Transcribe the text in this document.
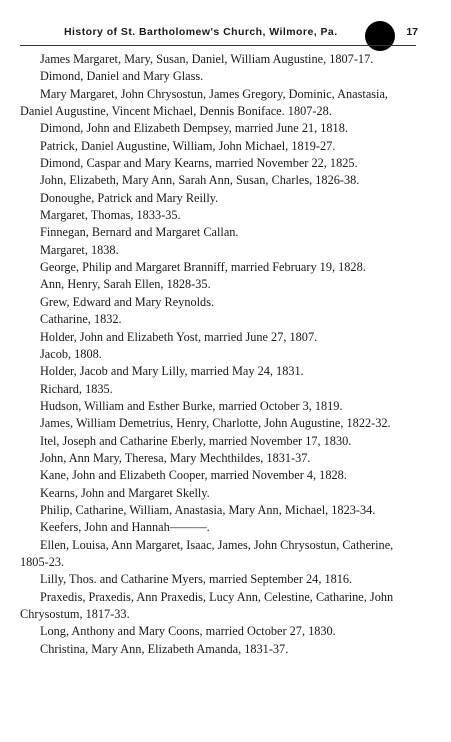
History of St. Bartholomew's Church, Wilmore, Pa.	17

James Margaret, Mary, Susan, Daniel, William Augustine, 1807-17.

Dimond, Daniel and Mary Glass.

Mary Margaret, John Chrysostun, James Gregory, Dominic, Anastasia, Daniel Augustine, Vincent Michael, Dennis Boniface. 1807-28.

Dimond, John and Elizabeth Dempsey, married June 21, 1818.

Patrick, Daniel Augustine, William, John Michael, 1819-27.

Dimond, Caspar and Mary Kearns, married November 22, 1825.

John, Elizabeth, Mary Ann, Sarah Ann, Susan, Charles, 1826-38.

Donoughe, Patrick and Mary Reilly.

Margaret, Thomas, 1833-35.

Finnegan, Bernard and Margaret Callan.

Margaret, 1838.

George, Philip and Margaret Branniff, married February 19, 1828.

Ann, Henry, Sarah Ellen, 1828-35.

Grew, Edward and Mary Reynolds.

Catharine, 1832.

Holder, John and Elizabeth Yost, married June 27, 1807.

Jacob, 1808.

Holder, Jacob and Mary Lilly, married May 24, 1831.

Richard, 1835.

Hudson, William and Esther Burke, married October 3, 1819.

James, William Demetrius, Henry, Charlotte, John Augustine, 1822-32.

Itel, Joseph and Catharine Eberly, married November 17, 1830.

John, Ann Mary, Theresa, Mary Mechthildes, 1831-37.

Kane, John and Elizabeth Cooper, married November 4, 1828.

Kearns, John and Margaret Skelly.

Philip, Catharine, William, Anastasia, Mary Ann, Michael, 1823-34.

Keefers, John and Hannah———.

Ellen, Louisa, Ann Margaret, Isaac, James, John Chrysostun, Catherine, 1805-23.

Lilly, Thos. and Catharine Myers, married September 24, 1816.

Praxedis, Praxedis, Ann Praxedis, Lucy Ann, Celestine, Catharine, John Chrysostum, 1817-33.

Long, Anthony and Mary Coons, married October 27, 1830.

Christina, Mary Ann, Elizabeth Amanda, 1831-37.
